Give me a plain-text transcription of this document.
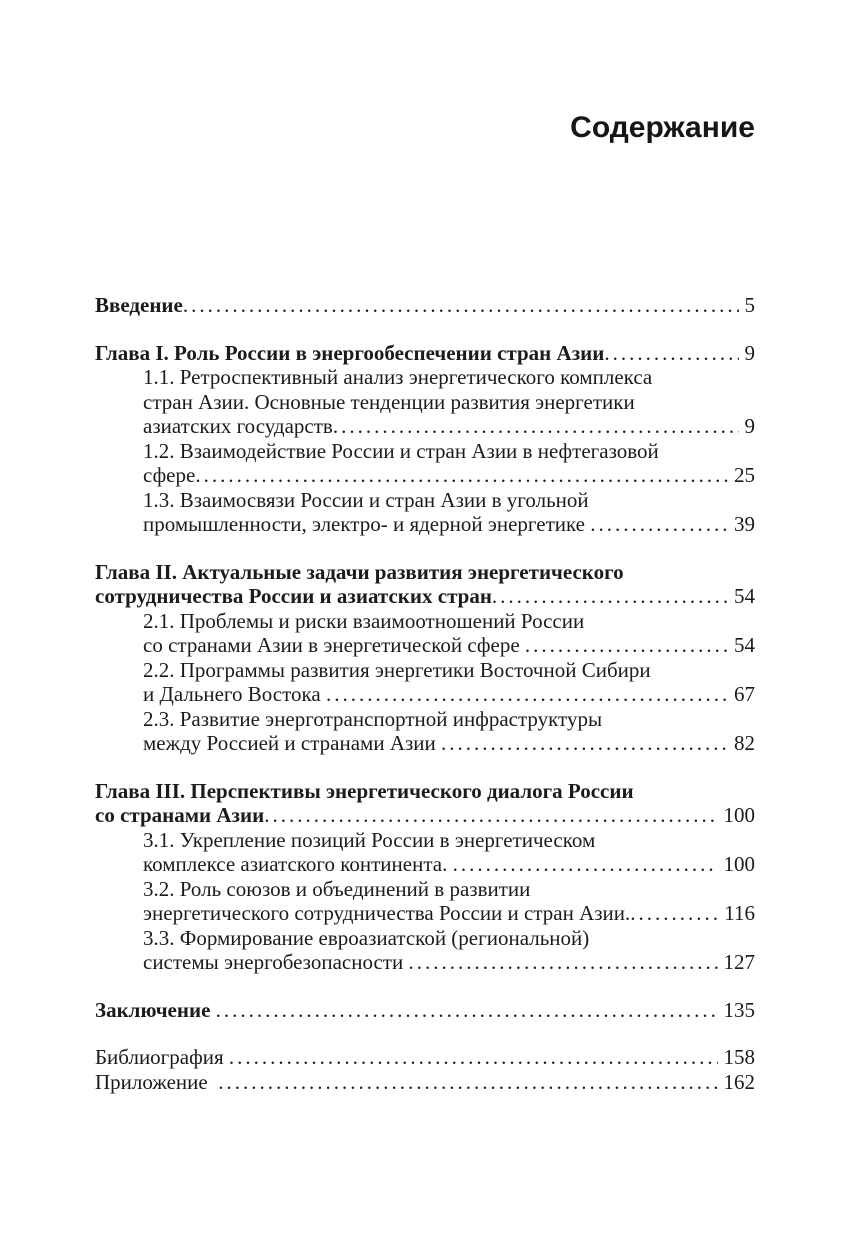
Содержание
Введение .....	5
Глава I. Роль России в энергообеспечении стран Азии .....	9
1.1. Ретроспективный анализ энергетического комплекса
стран Азии. Основные тенденции развития энергетики
азиатских государств .....	9
1.2. Взаимодействие России и стран Азии в нефтегазовой
сфере .....	25
1.3. Взаимосвязи России и стран Азии в угольной
промышленности, электро- и ядерной энергетике .....	39
Глава II. Актуальные задачи развития энергетического
сотрудничества России и азиатских стран .....	54
2.1. Проблемы и риски взаимоотношений России
со странами Азии в энергетической сфере .....	54
2.2. Программы развития энергетики Восточной Сибири
и Дальнего Востока .....	67
2.3. Развитие энерготранспортной инфраструктуры
между Россией и странами Азии .....	82
Глава III. Перспективы энергетического диалога России
со странами Азии .....	100
3.1. Укрепление позиций России в энергетическом
комплексе азиатского континента. .....	100
3.2. Роль союзов и объединений в развитии
энергетического сотрудничества России и стран Азии. .....	116
3.3. Формирование евроазиатской (региональной)
системы энергобезопасности .....	127
Заключение .....	135
Библиография .....	158
Приложение .....	162
